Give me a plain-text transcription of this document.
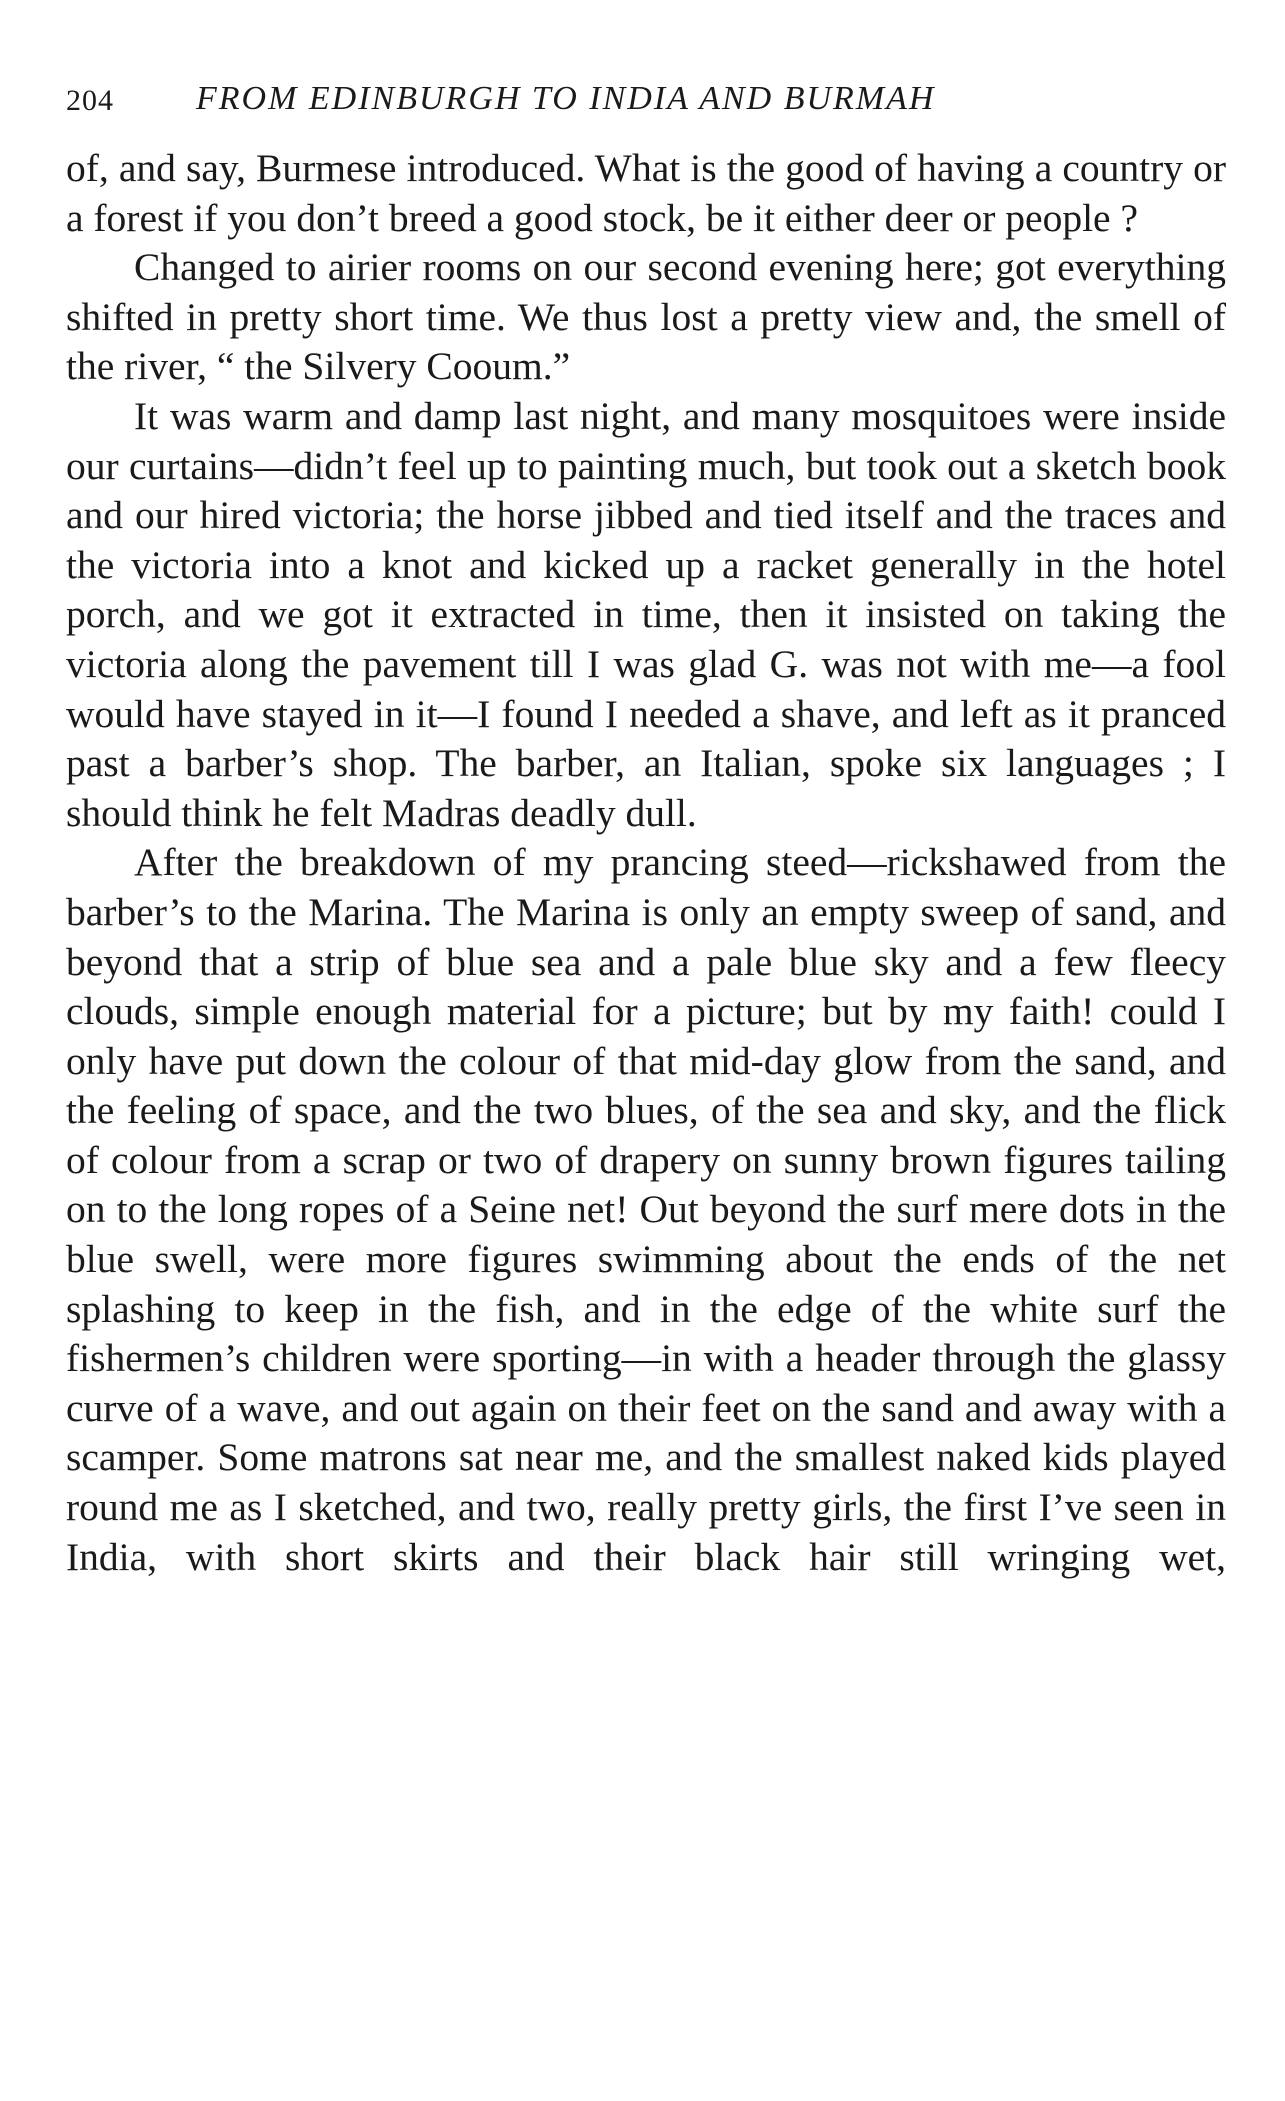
204 FROM EDINBURGH TO INDIA AND BURMAH

of, and say, Burmese introduced. What is the good of having a country or a forest if you don’t breed a good stock, be it either deer or people ?

Changed to airier rooms on our second evening here; got everything shifted in pretty short time. We thus lost a pretty view and, the smell of the river, “ the Silvery Cooum.”

It was warm and damp last night, and many mosquitoes were inside our curtains—didn’t feel up to painting much, but took out a sketch book and our hired victoria; the horse jibbed and tied itself and the traces and the victoria into a knot and kicked up a racket generally in the hotel porch, and we got it extracted in time, then it insisted on taking the victoria along the pavement till I was glad G. was not with me—a fool would have stayed in it—I found I needed a shave, and left as it pranced past a barber’s shop. The barber, an Italian, spoke six languages ; I should think he felt Madras deadly dull.

After the breakdown of my prancing steed—rickshawed from the barber’s to the Marina. The Marina is only an empty sweep of sand, and beyond that a strip of blue sea and a pale blue sky and a few fleecy clouds, simple enough material for a picture; but by my faith! could I only have put down the colour of that mid-day glow from the sand, and the feeling of space, and the two blues, of the sea and sky, and the flick of colour from a scrap or two of drapery on sunny brown figures tailing on to the long ropes of a Seine net! Out beyond the surf mere dots in the blue swell, were more figures swimming about the ends of the net splashing to keep in the fish, and in the edge of the white surf the fishermen’s children were sporting—in with a header through the glassy curve of a wave, and out again on their feet on the sand and away with a scamper. Some matrons sat near me, and the smallest naked kids played round me as I sketched, and two, really pretty girls, the first I’ve seen in India, with short skirts and their black hair still wringing wet,
